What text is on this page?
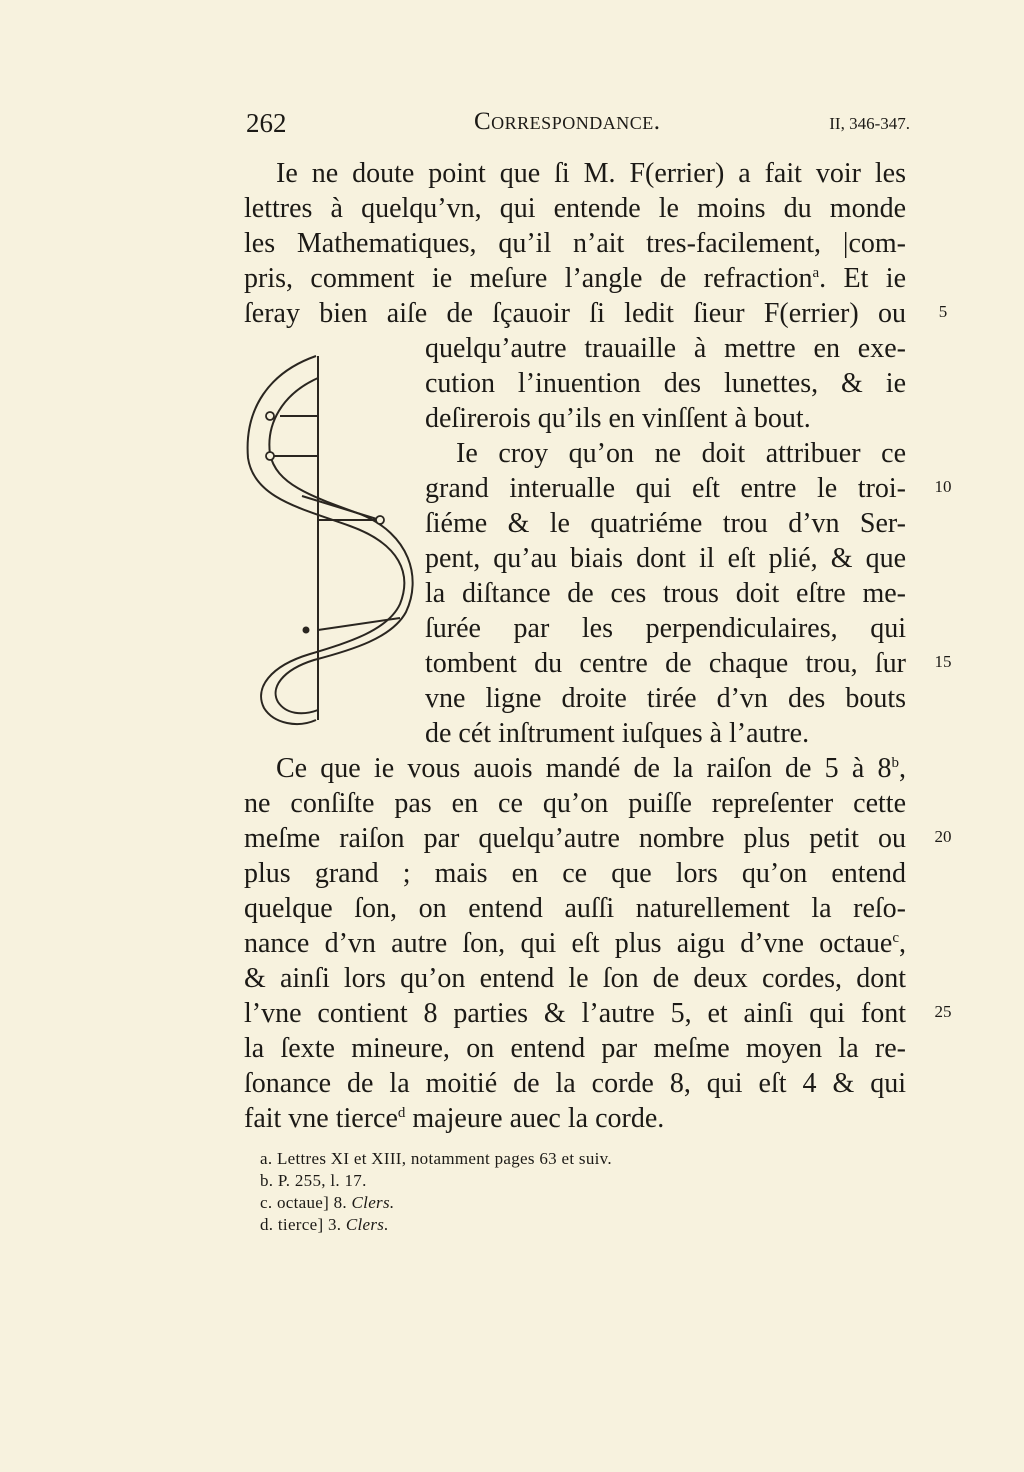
262	Correspondance.	II, 346-347.
Ie ne doute point que ſi M. F(errier) a fait voir les
lettres à quelqu’vn, qui entende le moins du monde
les Mathematiques, qu’il n’ait tres-facilement, |com-
pris, comment ie meſure l’angle de refraction$^a$. Et ie
ſeray bien aiſe de ſçauoir ſi ledit ſieur F(errier) ou
quelqu’autre trauaille à mettre en exe-
cution l’inuention des lunettes, & ie
deſirerois qu’ils en vinſſent à bout.
Ie croy qu’on ne doit attribuer ce
grand interualle qui eſt entre le troi-
ſiéme & le quatriéme trou d’vn Ser-
pent, qu’au biais dont il eſt plié, & que
la diſtance de ces trous doit eſtre me-
ſurée par les perpendiculaires, qui
tombent du centre de chaque trou, ſur
vne ligne droite tirée d’vn des bouts
de cét inſtrument iuſques à l’autre.
Ce que ie vous auois mandé de la raiſon de 5 à 8$^b$,
ne conſiſte pas en ce qu’on puiſſe repreſenter cette
meſme raiſon par quelqu’autre nombre plus petit ou
plus grand ; mais en ce que lors qu’on entend
quelque ſon, on entend auſſi naturellement la reſo-
nance d’vn autre ſon, qui eſt plus aigu d’vne octaue$^c$,
& ainſi lors qu’on entend le ſon de deux cordes, dont
l’vne contient 8 parties & l’autre 5, et ainſi qui font
la ſexte mineure, on entend par meſme moyen la re-
ſonance de la moitié de la corde 8, qui eſt 4 & qui
fait vne tierce$^d$ majeure auec la corde.
5
10
15
20
25
a. Lettres XI et XIII, notamment pages 63 et suiv.
b. P. 255, l. 17.
c. octaue] 8. Clers.
d. tierce] 3. Clers.
